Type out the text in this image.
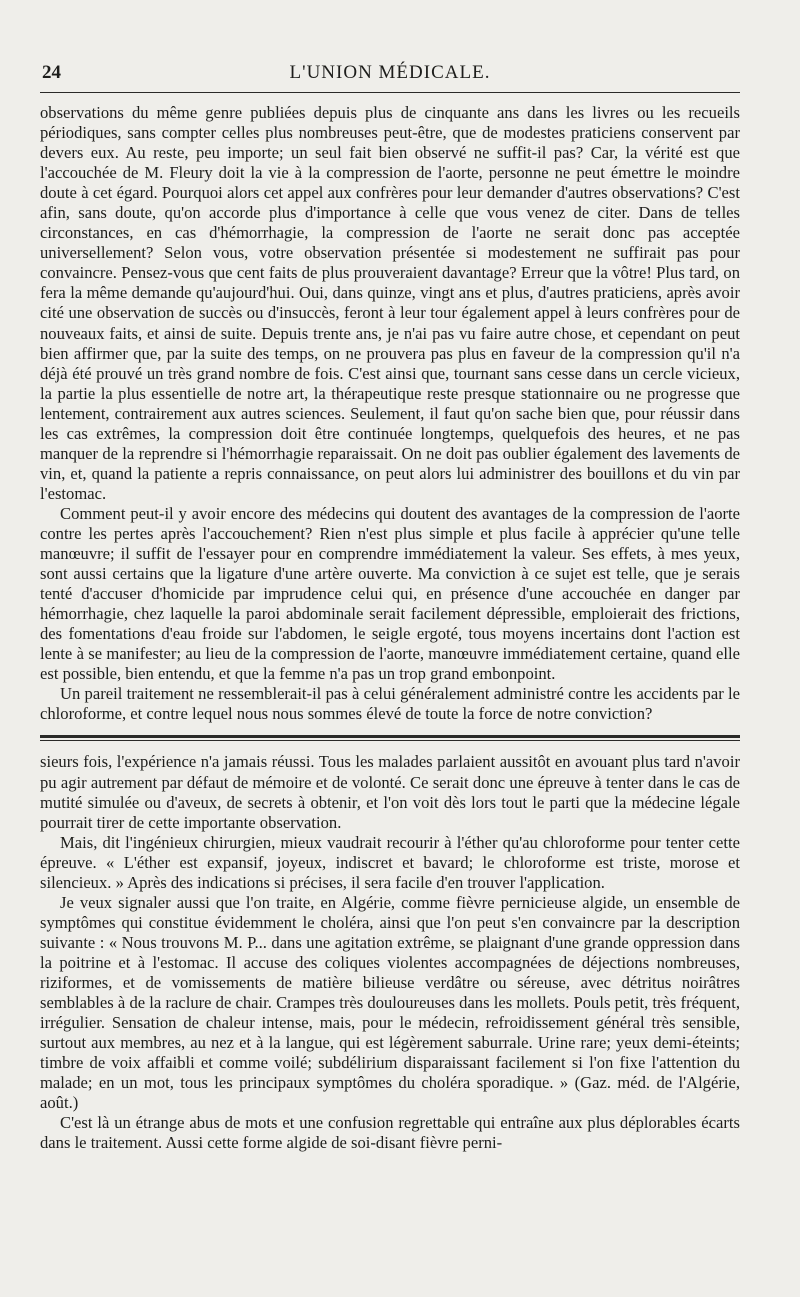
24	L'UNION MÉDICALE.

observations du même genre publiées depuis plus de cinquante ans dans les livres ou les recueils périodiques, sans compter celles plus nombreuses peut-être, que de modestes praticiens conservent par devers eux. Au reste, peu importe; un seul fait bien observé ne suffit-il pas? Car, la vérité est que l'accouchée de M. Fleury doit la vie à la compression de l'aorte, personne ne peut émettre le moindre doute à cet égard. Pourquoi alors cet appel aux confrères pour leur demander d'autres observations? C'est afin, sans doute, qu'on accorde plus d'importance à celle que vous venez de citer. Dans de telles circonstances, en cas d'hémorrhagie, la compression de l'aorte ne serait donc pas acceptée universellement? Selon vous, votre observation présentée si modestement ne suffirait pas pour convaincre. Pensez-vous que cent faits de plus prouveraient davantage? Erreur que la vôtre! Plus tard, on fera la même demande qu'aujourd'hui. Oui, dans quinze, vingt ans et plus, d'autres praticiens, après avoir cité une observation de succès ou d'insuccès, feront à leur tour également appel à leurs confrères pour de nouveaux faits, et ainsi de suite. Depuis trente ans, je n'ai pas vu faire autre chose, et cependant on peut bien affirmer que, par la suite des temps, on ne prouvera pas plus en faveur de la compression qu'il n'a déjà été prouvé un très grand nombre de fois. C'est ainsi que, tournant sans cesse dans un cercle vicieux, la partie la plus essentielle de notre art, la thérapeutique reste presque stationnaire ou ne progresse que lentement, contrairement aux autres sciences. Seulement, il faut qu'on sache bien que, pour réussir dans les cas extrêmes, la compression doit être continuée longtemps, quelquefois des heures, et ne pas manquer de la reprendre si l'hémorrhagie reparaissait. On ne doit pas oublier également des lavements de vin, et, quand la patiente a repris connaissance, on peut alors lui administrer des bouillons et du vin par l'estomac.

Comment peut-il y avoir encore des médecins qui doutent des avantages de la compression de l'aorte contre les pertes après l'accouchement? Rien n'est plus simple et plus facile à apprécier qu'une telle manœuvre; il suffit de l'essayer pour en comprendre immédiatement la valeur. Ses effets, à mes yeux, sont aussi certains que la ligature d'une artère ouverte. Ma conviction à ce sujet est telle, que je serais tenté d'accuser d'homicide par imprudence celui qui, en présence d'une accouchée en danger par hémorrhagie, chez laquelle la paroi abdominale serait facilement dépressible, emploierait des frictions, des fomentations d'eau froide sur l'abdomen, le seigle ergoté, tous moyens incertains dont l'action est lente à se manifester; au lieu de la compression de l'aorte, manœuvre immédiatement certaine, quand elle est possible, bien entendu, et que la femme n'a pas un trop grand embonpoint.

Un pareil traitement ne ressemblerait-il pas à celui généralement administré contre les accidents par le chloroforme, et contre lequel nous nous sommes élevé de toute la force de notre conviction?

sieurs fois, l'expérience n'a jamais réussi. Tous les malades parlaient aussitôt en avouant plus tard n'avoir pu agir autrement par défaut de mémoire et de volonté. Ce serait donc une épreuve à tenter dans le cas de mutité simulée ou d'aveux, de secrets à obtenir, et l'on voit dès lors tout le parti que la médecine légale pourrait tirer de cette importante observation.

Mais, dit l'ingénieux chirurgien, mieux vaudrait recourir à l'éther qu'au chloroforme pour tenter cette épreuve. « L'éther est expansif, joyeux, indiscret et bavard; le chloroforme est triste, morose et silencieux. » Après des indications si précises, il sera facile d'en trouver l'application.

Je veux signaler aussi que l'on traite, en Algérie, comme fièvre pernicieuse algide, un ensemble de symptômes qui constitue évidemment le choléra, ainsi que l'on peut s'en convaincre par la description suivante : « Nous trouvons M. P... dans une agitation extrême, se plaignant d'une grande oppression dans la poitrine et à l'estomac. Il accuse des coliques violentes accompagnées de déjections nombreuses, riziformes, et de vomissements de matière bilieuse verdâtre ou séreuse, avec détritus noirâtres semblables à de la raclure de chair. Crampes très douloureuses dans les mollets. Pouls petit, très fréquent, irrégulier. Sensation de chaleur intense, mais, pour le médecin, refroidissement général très sensible, surtout aux membres, au nez et à la langue, qui est légèrement saburrale. Urine rare; yeux demi-éteints; timbre de voix affaibli et comme voilé; subdélirium disparaissant facilement si l'on fixe l'attention du malade; en un mot, tous les principaux symptômes du choléra sporadique. » (Gaz. méd. de l'Algérie, août.)

C'est là un étrange abus de mots et une confusion regrettable qui entraîne aux plus déplorables écarts dans le traitement. Aussi cette forme algide de soi-disant fièvre perni-
